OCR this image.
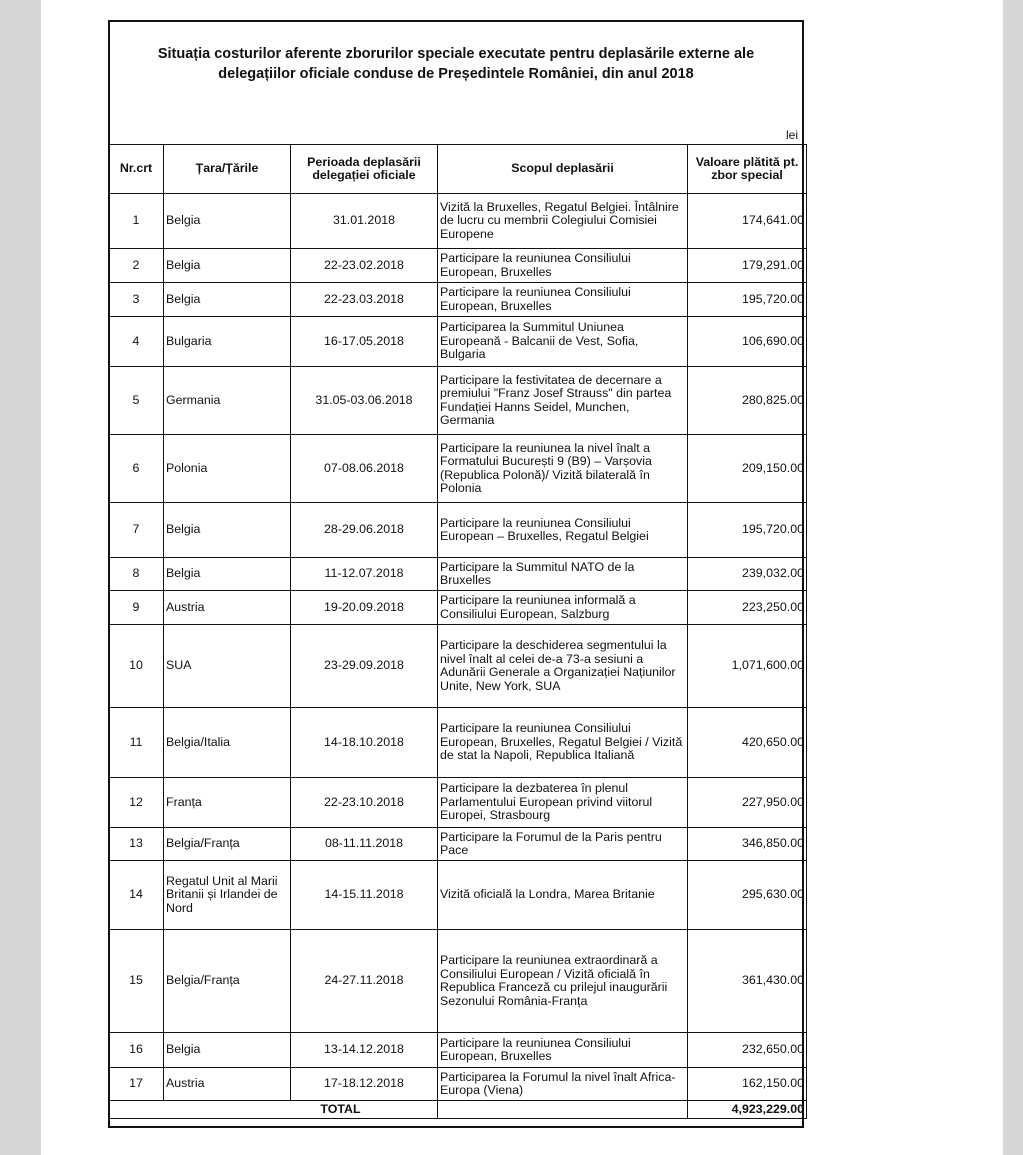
Situația costurilor aferente zborurilor speciale executate pentru deplasările externe ale
delegațiilor oficiale conduse de Președintele României, din anul 2018
lei
Nr.crt	Țara/Țările	Perioada deplasării delegației oficiale	Scopul deplasării	Valoare plătită pt. zbor special
1	Belgia	31.01.2018	Vizită la Bruxelles, Regatul Belgiei. Întâlnire de lucru cu membrii Colegiului Comisiei Europene	174,641.00
2	Belgia	22-23.02.2018	Participare la reuniunea Consiliului European, Bruxelles	179,291.00
3	Belgia	22-23.03.2018	Participare la reuniunea Consiliului European, Bruxelles	195,720.00
4	Bulgaria	16-17.05.2018	Participarea la Summitul Uniunea Europeană - Balcanii de Vest, Sofia, Bulgaria	106,690.00
5	Germania	31.05-03.06.2018	Participare la festivitatea de decernare a premiului "Franz Josef Strauss" din partea Fundației Hanns Seidel, Munchen, Germania	280,825.00
6	Polonia	07-08.06.2018	Participare la reuniunea la nivel înalt a Formatului București 9 (B9) – Varșovia (Republica Polonă)/ Vizită bilaterală în Polonia	209,150.00
7	Belgia	28-29.06.2018	Participare la reuniunea Consiliului European – Bruxelles, Regatul Belgiei	195,720.00
8	Belgia	11-12.07.2018	Participare la Summitul NATO de la Bruxelles	239,032.00
9	Austria	19-20.09.2018	Participare la reuniunea informală a Consiliului European, Salzburg	223,250.00
10	SUA	23-29.09.2018	Participare la deschiderea segmentului la nivel înalt al celei de-a 73-a sesiuni a Adunării Generale a Organizației Națiunilor Unite, New York, SUA	1,071,600.00
11	Belgia/Italia	14-18.10.2018	Participare la reuniunea Consiliului European, Bruxelles, Regatul Belgiei / Vizită de stat la Napoli, Republica Italiană	420,650.00
12	Franța	22-23.10.2018	Participare la dezbaterea în plenul Parlamentului European privind viitorul Europei, Strasbourg	227,950.00
13	Belgia/Franța	08-11.11.2018	Participare la Forumul de la Paris pentru Pace	346,850.00
14	Regatul Unit al Marii Britanii și Irlandei de Nord	14-15.11.2018	Vizită oficială la Londra, Marea Britanie	295,630.00
15	Belgia/Franța	24-27.11.2018	Participare la reuniunea extraordinară a Consiliului European / Vizită oficială în Republica Franceză cu prilejul inaugurării Sezonului România-Franța	361,430.00
16	Belgia	13-14.12.2018	Participare la reuniunea Consiliului European, Bruxelles	232,650.00
17	Austria	17-18.12.2018	Participarea la Forumul la nivel înalt Africa-Europa (Viena)	162,150.00
TOTAL				4,923,229.00
